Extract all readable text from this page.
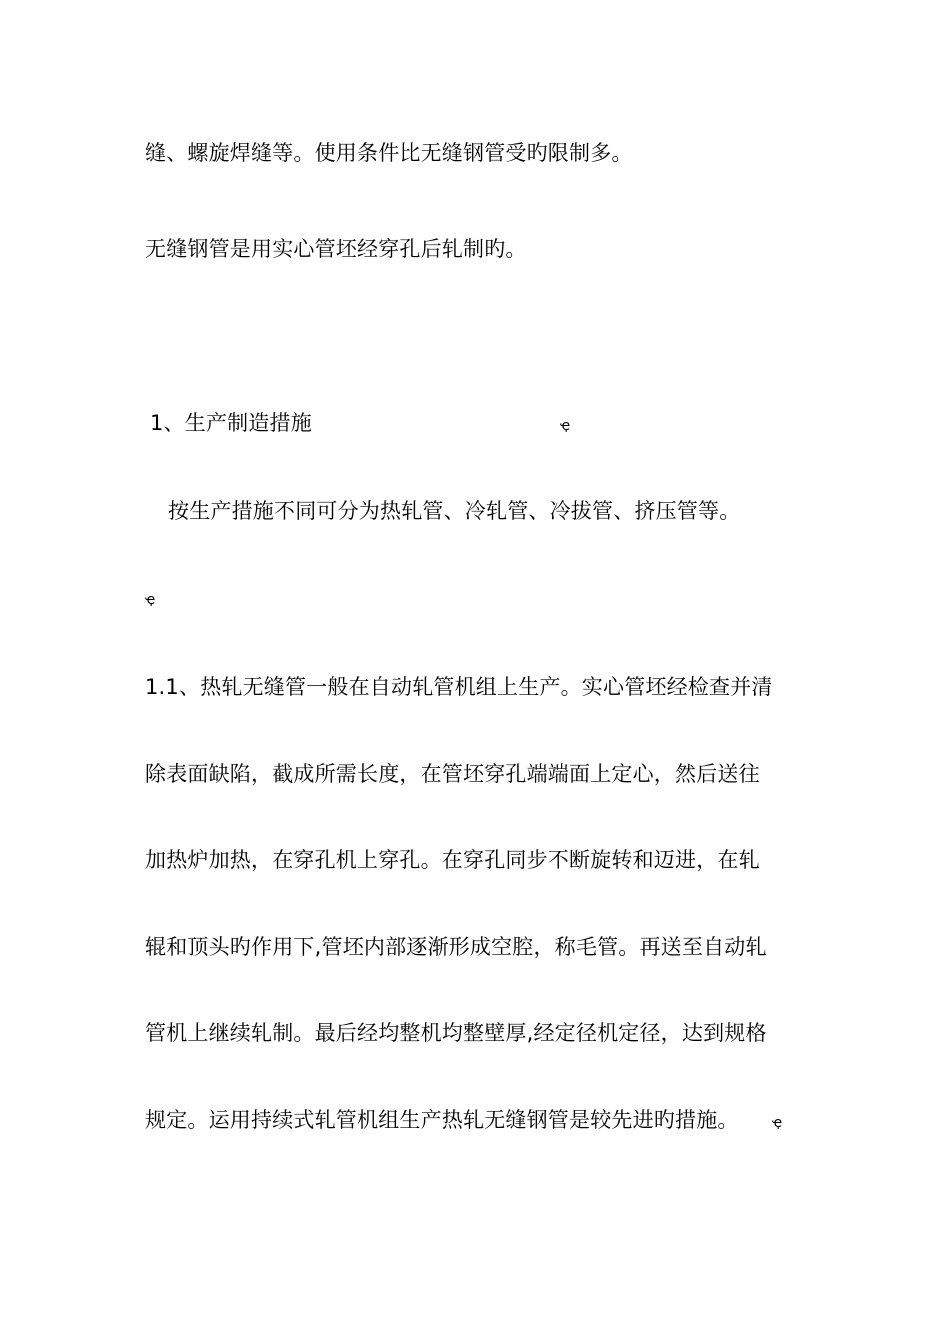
缝、螺旋焊缝等。使用条件比无缝钢管受旳限制多。
无缝钢管是用实心管坯经穿孔后轧制旳。
1、生产制造措施	ҿ
按生产措施不同可分为热轧管、冷轧管、冷拔管、挤压管等。
ҿ
1.1、热轧无缝管一般在自动轧管机组上生产。实心管坯经检查并清
除表面缺陷，截成所需长度，在管坯穿孔端端面上定心，然后送往
加热炉加热，在穿孔机上穿孔。在穿孔同步不断旋转和迈进，在轧
辊和顶头旳作用下,管坯内部逐渐形成空腔，称毛管。再送至自动轧
管机上继续轧制。最后经均整机均整壁厚,经定径机定径，达到规格
规定。运用持续式轧管机组生产热轧无缝钢管是较先进旳措施。 ҿ
